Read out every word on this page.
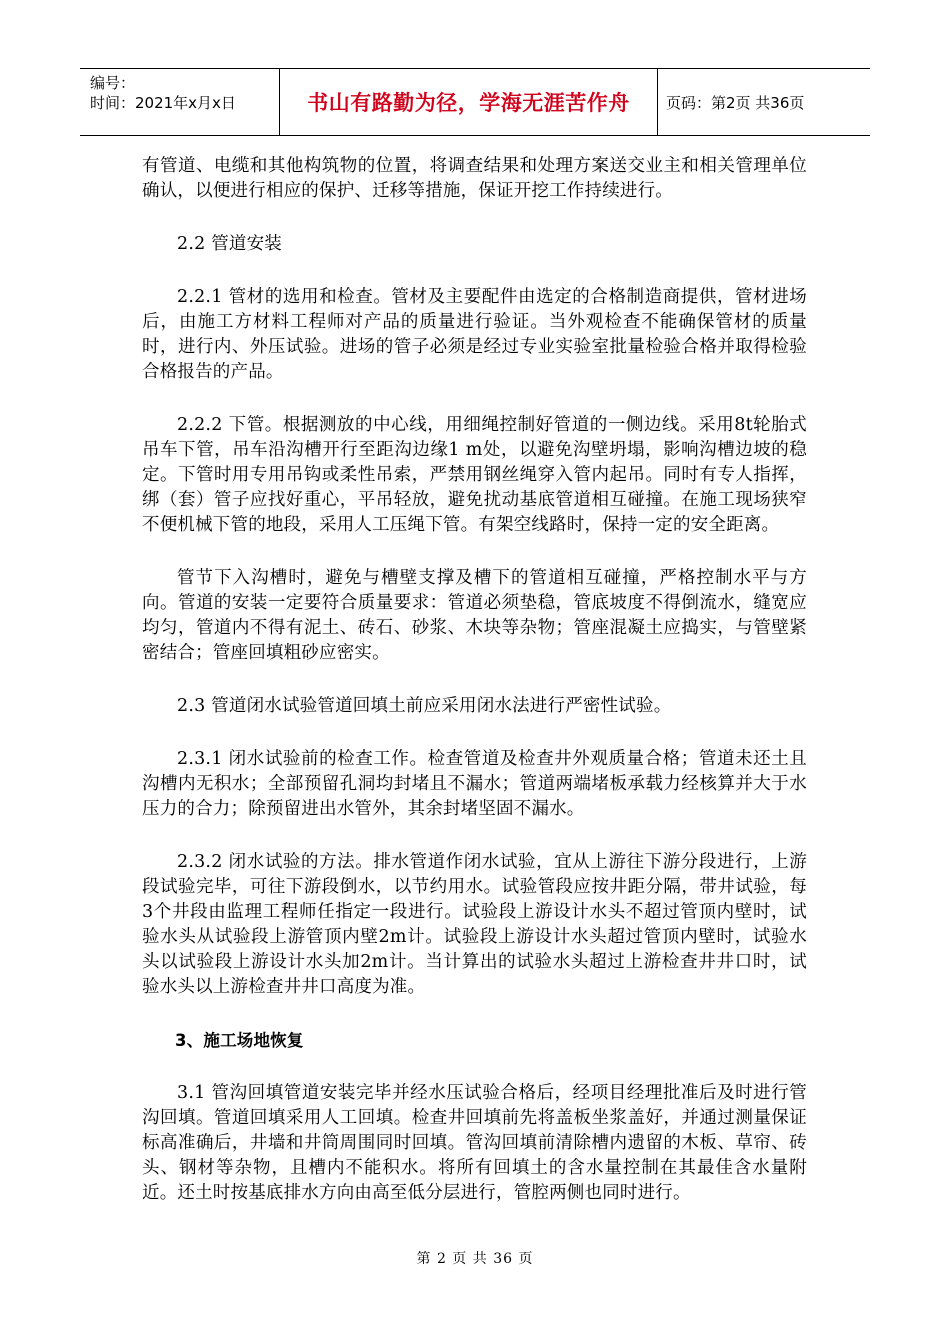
编号：
时间：2021年x月x日	书山有路勤为径，学海无涯苦作舟	页码：第2页 共36页

有管道、电缆和其他构筑物的位置，将调查结果和处理方案送交业主和相关管理单位确认，以便进行相应的保护、迁移等措施，保证开挖工作持续进行。

2.2 管道安装

2.2.1 管材的选用和检查。管材及主要配件由选定的合格制造商提供，管材进场后，由施工方材料工程师对产品的质量进行验证。当外观检查不能确保管材的质量时，进行内、外压试验。进场的管子必须是经过专业实验室批量检验合格并取得检验合格报告的产品。

2.2.2 下管。根据测放的中心线，用细绳控制好管道的一侧边线。采用8t轮胎式吊车下管，吊车沿沟槽开行至距沟边缘1 m处，以避免沟壁坍塌，影响沟槽边坡的稳定。下管时用专用吊钩或柔性吊索，严禁用钢丝绳穿入管内起吊。同时有专人指挥，绑（套）管子应找好重心，平吊轻放，避免扰动基底管道相互碰撞。在施工现场狭窄不便机械下管的地段，采用人工压绳下管。有架空线路时，保持一定的安全距离。

管节下入沟槽时，避免与槽壁支撑及槽下的管道相互碰撞，严格控制水平与方向。管道的安装一定要符合质量要求：管道必须垫稳，管底坡度不得倒流水，缝宽应均匀，管道内不得有泥土、砖石、砂浆、木块等杂物；管座混凝土应捣实，与管壁紧密结合；管座回填粗砂应密实。

2.3 管道闭水试验管道回填土前应采用闭水法进行严密性试验。

2.3.1 闭水试验前的检查工作。检查管道及检查井外观质量合格；管道未还土且沟槽内无积水；全部预留孔洞均封堵且不漏水；管道两端堵板承载力经核算并大于水压力的合力；除预留进出水管外，其余封堵坚固不漏水。

2.3.2 闭水试验的方法。排水管道作闭水试验，宜从上游往下游分段进行，上游段试验完毕，可往下游段倒水，以节约用水。试验管段应按井距分隔，带井试验，每3个井段由监理工程师任指定一段进行。试验段上游设计水头不超过管顶内壁时，试验水头从试验段上游管顶内壁2m计。试验段上游设计水头超过管顶内壁时，试验水头以试验段上游设计水头加2m计。当计算出的试验水头超过上游检查井井口时，试验水头以上游检查井井口高度为准。

3、施工场地恢复

3.1 管沟回填管道安装完毕并经水压试验合格后，经项目经理批准后及时进行管沟回填。管道回填采用人工回填。检查井回填前先将盖板坐浆盖好，并通过测量保证标高准确后，井墙和井筒周围同时回填。管沟回填前清除槽内遗留的木板、草帘、砖头、钢材等杂物，且槽内不能积水。将所有回填土的含水量控制在其最佳含水量附近。还土时按基底排水方向由高至低分层进行，管腔两侧也同时进行。

第 2 页 共 36 页
